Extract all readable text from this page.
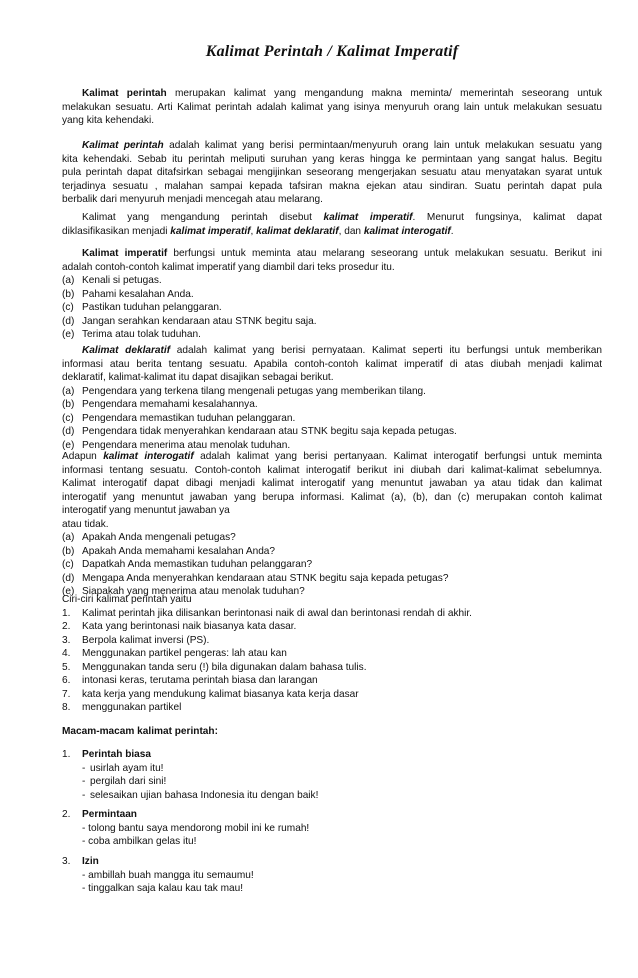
Kalimat Perintah / Kalimat Imperatif
Kalimat perintah merupakan kalimat yang mengandung makna meminta/ memerintah seseorang untuk
melakukan sesuatu. Arti Kalimat perintah adalah kalimat yang isinya menyuruh orang lain untuk melakukan sesuatu
yang kita kehendaki.
Kalimat perintah adalah kalimat yang berisi permintaan/menyuruh orang lain untuk melakukan sesuatu yang
kita kehendaki. Sebab itu perintah meliputi suruhan yang keras hingga ke permintaan yang sangat halus. Begitu
pula perintah dapat ditafsirkan sebagai mengijinkan seseorang mengerjakan sesuatu atau menyatakan syarat untuk
terjadinya sesuatu , malahan sampai kepada tafsiran makna ejekan atau sindiran. Suatu perintah dapat pula
berbalik dari menyuruh menjadi mencegah atau melarang.
Kalimat yang mengandung perintah disebut kalimat imperatif. Menurut fungsinya, kalimat dapat
diklasifikasikan menjadi kalimat imperatif, kalimat deklaratif, dan kalimat interogatif.
Kalimat imperatif berfungsi untuk meminta atau melarang seseorang untuk melakukan sesuatu. Berikut ini
adalah contoh-contoh kalimat imperatif yang diambil dari teks prosedur itu.
(a) Kenali si petugas.
(b) Pahami kesalahan Anda.
(c) Pastikan tuduhan pelanggaran.
(d) Jangan serahkan kendaraan atau STNK begitu saja.
(e) Terima atau tolak tuduhan.
Kalimat deklaratif adalah kalimat yang berisi pernyataan. Kalimat seperti itu berfungsi untuk memberikan
informasi atau berita tentang sesuatu. Apabila contoh-contoh kalimat imperatif di atas diubah menjadi kalimat
deklaratif, kalimat-kalimat itu dapat disajikan sebagai berikut.
(a) Pengendara yang terkena tilang mengenali petugas yang memberikan tilang.
(b) Pengendara memahami kesalahannya.
(c) Pengendara memastikan tuduhan pelanggaran.
(d) Pengendara tidak menyerahkan kendaraan atau STNK begitu saja kepada petugas.
(e) Pengendara menerima atau menolak tuduhan.
Adapun kalimat interogatif adalah kalimat yang berisi pertanyaan. Kalimat interogatif berfungsi untuk meminta
informasi tentang sesuatu. Contoh-contoh kalimat interogatif berikut ini diubah dari kalimat-kalimat sebelumnya.
Kalimat interogatif dapat dibagi menjadi kalimat interogatif yang menuntut jawaban ya atau tidak dan kalimat
interogatif yang menuntut jawaban yang berupa informasi. Kalimat (a), (b), dan (c) merupakan contoh kalimat
interogatif yang menuntut jawaban ya
atau tidak.
(a) Apakah Anda mengenali petugas?
(b) Apakah Anda memahami kesalahan Anda?
(c) Dapatkah Anda memastikan tuduhan pelanggaran?
(d) Mengapa Anda menyerahkan kendaraan atau STNK begitu saja kepada petugas?
(e) Siapakah yang menerima atau menolak tuduhan?
Ciri-ciri kalimat perintah yaitu
1. Kalimat perintah jika dilisankan berintonasi naik di awal dan berintonasi rendah di akhir.
2. Kata yang berintonasi naik biasanya kata dasar.
3. Berpola kalimat inversi (PS).
4. Menggunakan partikel pengeras: lah atau kan
5. Menggunakan tanda seru (!) bila digunakan dalam bahasa tulis.
6. intonasi keras, terutama perintah biasa dan larangan
7. kata kerja yang mendukung kalimat biasanya kata kerja dasar
8. menggunakan partikel
Macam-macam kalimat perintah:
1.	Perintah biasa
- usirlah ayam itu!
- pergilah dari sini!
- selesaikan ujian bahasa Indonesia itu dengan baik!
2.	Permintaan
- tolong bantu saya mendorong mobil ini ke rumah!
- coba ambilkan gelas itu!
3.	Izin
- ambillah buah mangga itu semaumu!
- tinggalkan saja kalau kau tak mau!
